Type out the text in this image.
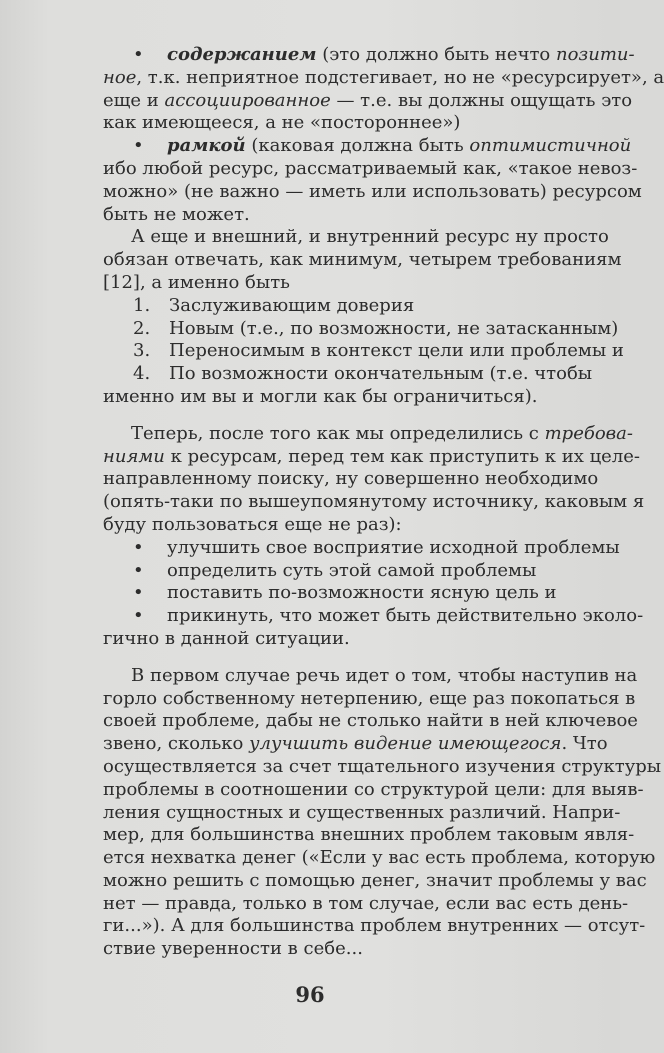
• содержанием (это должно быть нечто позити-
ное, т.к. неприятное подстегивает, но не «ресурсирует», а
еще и ассоциированное — т.е. вы должны ощущать это
как имеющееся, а не «постороннее»)
• рамкой (каковая должна быть оптимистичной
ибо любой ресурс, рассматриваемый как, «такое невоз-
можно» (не важно — иметь или использовать) ресурсом
быть не может.
А еще и внешний, и внутренний ресурс ну просто
обязан отвечать, как минимум, четырем требованиям
[12], а именно быть
1. Заслуживающим доверия
2. Новым (т.е., по возможности, не затасканным)
3. Переносимым в контекст цели или проблемы и
4. По возможности окончательным (т.е. чтобы
именно им вы и могли как бы ограничиться).
Теперь, после того как мы определились с требова-
ниями к ресурсам, перед тем как приступить к их целе-
направленному поиску, ну совершенно необходимо
(опять-таки по вышеупомянутому источнику, каковым я
буду пользоваться еще не раз):
• улучшить свое восприятие исходной проблемы
• определить суть этой самой проблемы
• поставить по-возможности ясную цель и
• прикинуть, что может быть действительно эколо-
гично в данной ситуации.
В первом случае речь идет о том, чтобы наступив на
горло собственному нетерпению, еще раз покопаться в
своей проблеме, дабы не столько найти в ней ключевое
звено, сколько улучшить видение имеющегося. Что
осуществляется за счет тщательного изучения структуры
проблемы в соотношении со структурой цели: для выяв-
ления сущностных и существенных различий. Напри-
мер, для большинства внешних проблем таковым явля-
ется нехватка денег («Если у вас есть проблема, которую
можно решить с помощью денег, значит проблемы у вас
нет — правда, только в том случае, если вас есть день-
ги...»). А для большинства проблем внутренних — отсут-
ствие уверенности в себе...
96
